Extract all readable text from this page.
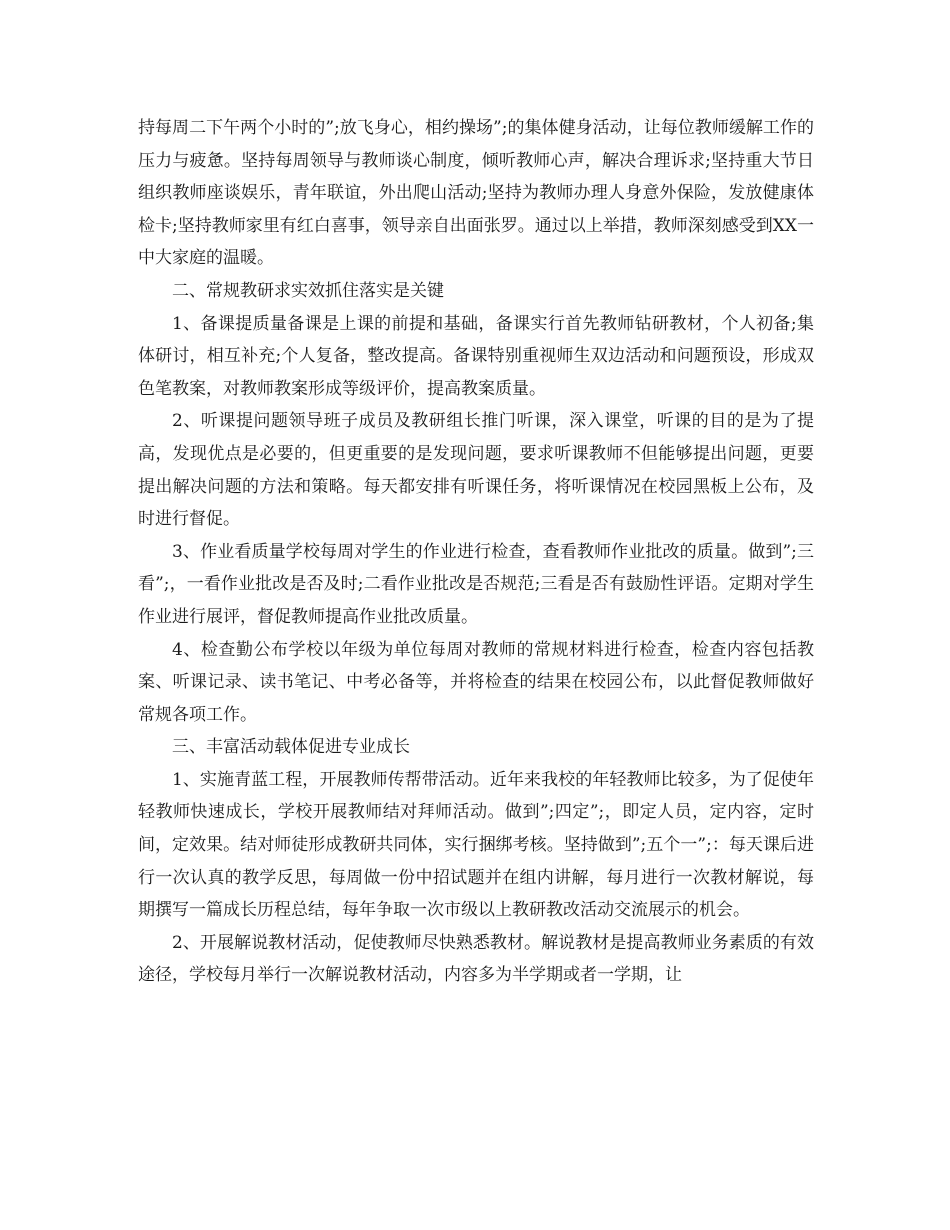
持每周二下午两个小时的”;放飞身心，相约操场”;的集体健身活动，让每位教师缓解工作的压力与疲惫。坚持每周领导与教师谈心制度，倾听教师心声，解决合理诉求;坚持重大节日组织教师座谈娱乐，青年联谊，外出爬山活动;坚持为教师办理人身意外保险，发放健康体检卡;坚持教师家里有红白喜事，领导亲自出面张罗。通过以上举措，教师深刻感受到XX一中大家庭的温暖。

二、常规教研求实效抓住落实是关键

1、备课提质量备课是上课的前提和基础，备课实行首先教师钻研教材，个人初备;集体研讨，相互补充;个人复备，整改提高。备课特别重视师生双边活动和问题预设，形成双色笔教案，对教师教案形成等级评价，提高教案质量。

2、听课提问题领导班子成员及教研组长推门听课，深入课堂，听课的目的是为了提高，发现优点是必要的，但更重要的是发现问题，要求听课教师不但能够提出问题，更要提出解决问题的方法和策略。每天都安排有听课任务，将听课情况在校园黑板上公布，及时进行督促。

3、作业看质量学校每周对学生的作业进行检查，查看教师作业批改的质量。做到”;三看”;，一看作业批改是否及时;二看作业批改是否规范;三看是否有鼓励性评语。定期对学生作业进行展评，督促教师提高作业批改质量。

4、检查勤公布学校以年级为单位每周对教师的常规材料进行检查，检查内容包括教案、听课记录、读书笔记、中考必备等，并将检查的结果在校园公布，以此督促教师做好常规各项工作。

三、丰富活动载体促进专业成长

1、实施青蓝工程，开展教师传帮带活动。近年来我校的年轻教师比较多，为了促使年轻教师快速成长，学校开展教师结对拜师活动。做到”;四定”;，即定人员，定内容，定时间，定效果。结对师徒形成教研共同体，实行捆绑考核。坚持做到”;五个一”;：每天课后进行一次认真的教学反思，每周做一份中招试题并在组内讲解，每月进行一次教材解说，每期撰写一篇成长历程总结，每年争取一次市级以上教研教改活动交流展示的机会。

2、开展解说教材活动，促使教师尽快熟悉教材。解说教材是提高教师业务素质的有效途径，学校每月举行一次解说教材活动，内容多为半学期或者一学期，让
